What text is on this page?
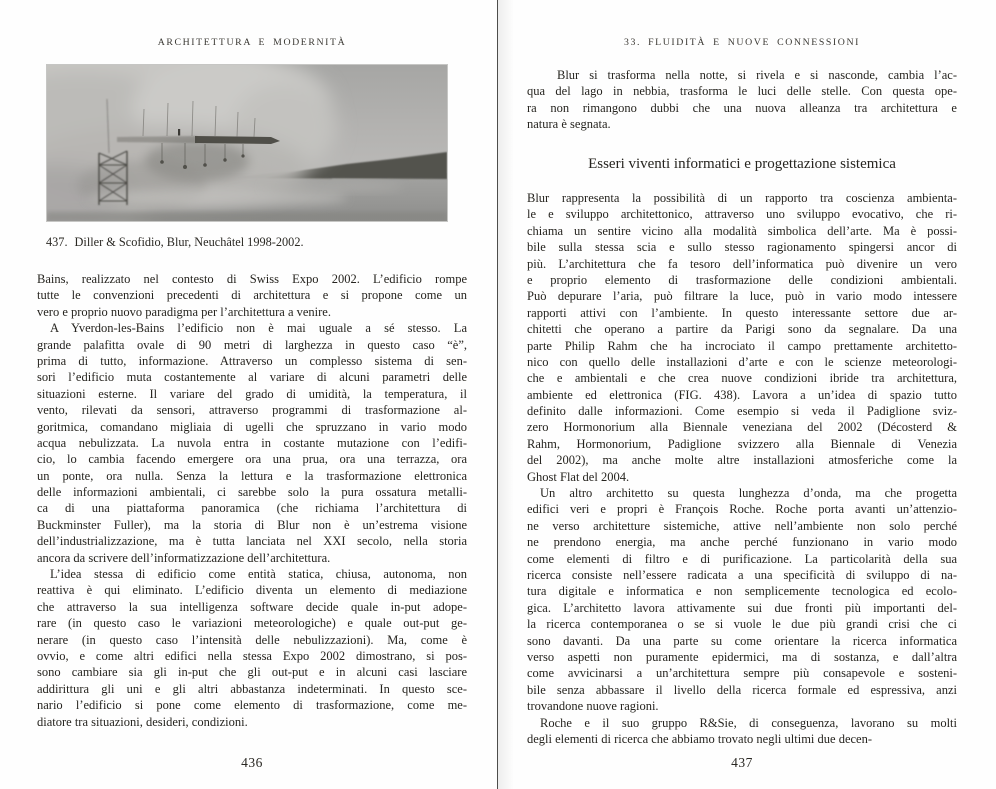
ARCHITETTURA E MODERNITÀ
437. Diller & Scofidio, Blur, Neuchâtel 1998-2002.
Bains, realizzato nel contesto di Swiss Expo 2002. L’edificio rompe
tutte le convenzioni precedenti di architettura e si propone come un
vero e proprio nuovo paradigma per l’architettura a venire.
A Yverdon-les-Bains l’edificio non è mai uguale a sé stesso. La
grande palafitta ovale di 90 metri di larghezza in questo caso “è”,
prima di tutto, informazione. Attraverso un complesso sistema di sen-
sori l’edificio muta costantemente al variare di alcuni parametri delle
situazioni esterne. Il variare del grado di umidità, la temperatura, il
vento, rilevati da sensori, attraverso programmi di trasformazione al-
goritmica, comandano migliaia di ugelli che spruzzano in vario modo
acqua nebulizzata. La nuvola entra in costante mutazione con l’edifi-
cio, lo cambia facendo emergere ora una prua, ora una terrazza, ora
un ponte, ora nulla. Senza la lettura e la trasformazione elettronica
delle informazioni ambientali, ci sarebbe solo la pura ossatura metalli-
ca di una piattaforma panoramica (che richiama l’architettura di
Buckminster Fuller), ma la storia di Blur non è un’estrema visione
dell’industrializzazione, ma è tutta lanciata nel XXI secolo, nella storia
ancora da scrivere dell’informatizzazione dell’architettura.
L’idea stessa di edificio come entità statica, chiusa, autonoma, non
reattiva è qui eliminato. L’edificio diventa un elemento di mediazione
che attraverso la sua intelligenza software decide quale in-put adope-
rare (in questo caso le variazioni meteorologiche) e quale out-put ge-
nerare (in questo caso l’intensità delle nebulizzazioni). Ma, come è
ovvio, e come altri edifici nella stessa Expo 2002 dimostrano, si pos-
sono cambiare sia gli in-put che gli out-put e in alcuni casi lasciare
addirittura gli uni e gli altri abbastanza indeterminati. In questo sce-
nario l’edificio si pone come elemento di trasformazione, come me-
diatore tra situazioni, desideri, condizioni.
436
33. FLUIDITÀ E NUOVE CONNESSIONI
Blur si trasforma nella notte, si rivela e si nasconde, cambia l’ac-
qua del lago in nebbia, trasforma le luci delle stelle. Con questa ope-
ra non rimangono dubbi che una nuova alleanza tra architettura e
natura è segnata.
Esseri viventi informatici e progettazione sistemica
Blur rappresenta la possibilità di un rapporto tra coscienza ambienta-
le e sviluppo architettonico, attraverso uno sviluppo evocativo, che ri-
chiama un sentire vicino alla modalità simbolica dell’arte. Ma è possi-
bile sulla stessa scia e sullo stesso ragionamento spingersi ancor di
più. L’architettura che fa tesoro dell’informatica può divenire un vero
e proprio elemento di trasformazione delle condizioni ambientali.
Può depurare l’aria, può filtrare la luce, può in vario modo intessere
rapporti attivi con l’ambiente. In questo interessante settore due ar-
chitetti che operano a partire da Parigi sono da segnalare. Da una
parte Philip Rahm che ha incrociato il campo prettamente architetto-
nico con quello delle installazioni d’arte e con le scienze meteorologi-
che e ambientali e che crea nuove condizioni ibride tra architettura,
ambiente ed elettronica (FIG. 438). Lavora a un’idea di spazio tutto
definito dalle informazioni. Come esempio si veda il Padiglione sviz-
zero Hormonorium alla Biennale veneziana del 2002 (Décosterd &
Rahm, Hormonorium, Padiglione svizzero alla Biennale di Venezia
del 2002), ma anche molte altre installazioni atmosferiche come la
Ghost Flat del 2004.
Un altro architetto su questa lunghezza d’onda, ma che progetta
edifici veri e propri è François Roche. Roche porta avanti un’attenzio-
ne verso architetture sistemiche, attive nell’ambiente non solo perché
ne prendono energia, ma anche perché funzionano in vario modo
come elementi di filtro e di purificazione. La particolarità della sua
ricerca consiste nell’essere radicata a una specificità di sviluppo di na-
tura digitale e informatica e non semplicemente tecnologica ed ecolo-
gica. L’architetto lavora attivamente sui due fronti più importanti del-
la ricerca contemporanea o se si vuole le due più grandi crisi che ci
sono davanti. Da una parte su come orientare la ricerca informatica
verso aspetti non puramente epidermici, ma di sostanza, e dall’altra
come avvicinarsi a un’architettura sempre più consapevole e sosteni-
bile senza abbassare il livello della ricerca formale ed espressiva, anzi
trovandone nuove ragioni.
Roche e il suo gruppo R&Sie, di conseguenza, lavorano su molti
degli elementi di ricerca che abbiamo trovato negli ultimi due decen-
437
